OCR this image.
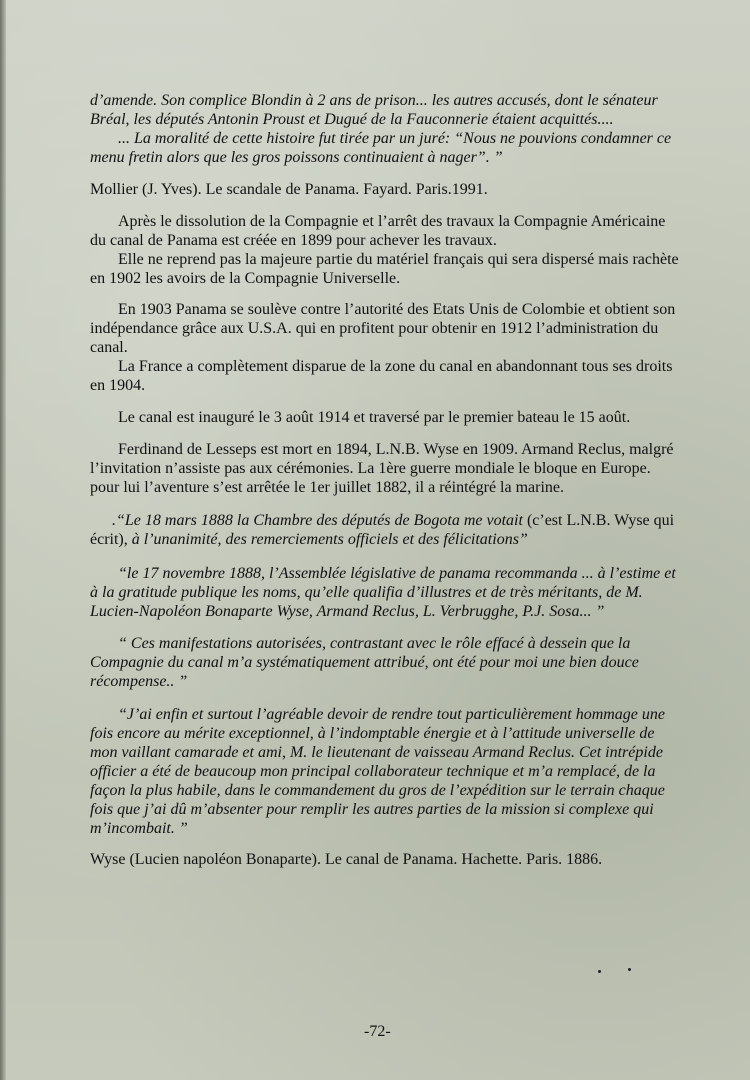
d’amende. Son complice Blondin à 2 ans de prison... les autres accusés, dont le sénateur
Bréal, les députés Antonin Proust et Dugué de la Fauconnerie étaient acquittés....
... La moralité de cette histoire fut tirée par un juré: “Nous ne pouvions condamner ce
menu fretin alors que les gros poissons continuaient à nager”. ”
Mollier (J. Yves). Le scandale de Panama. Fayard. Paris.1991.
Après le dissolution de la Compagnie et l’arrêt des travaux la Compagnie Américaine
du canal de Panama est créée en 1899 pour achever les travaux.
Elle ne reprend pas la majeure partie du matériel français qui sera dispersé mais rachète
en 1902 les avoirs de la Compagnie Universelle.
En 1903 Panama se soulève contre l’autorité des Etats Unis de Colombie et obtient son
indépendance grâce aux U.S.A. qui en profitent pour obtenir en 1912 l’administration du
canal.
La France a complètement disparue de la zone du canal en abandonnant tous ses droits
en 1904.
Le canal est inauguré le 3 août 1914 et traversé par le premier bateau le 15 août.
Ferdinand de Lesseps est mort en 1894, L.N.B. Wyse en 1909. Armand Reclus, malgré
l’invitation n’assiste pas aux cérémonies. La 1ère guerre mondiale le bloque en Europe.
pour lui l’aventure s’est arrêtée le 1er juillet 1882, il a réintégré la marine.
.“Le 18 mars 1888 la Chambre des députés de Bogota me votait (c’est L.N.B. Wyse qui
écrit), à l’unanimité, des remerciements officiels et des félicitations”
“le 17 novembre 1888, l’Assemblée législative de panama recommanda ... à l’estime et
à la gratitude publique les noms, qu’elle qualifia d’illustres et de très méritants, de M.
Lucien-Napoléon Bonaparte Wyse, Armand Reclus, L. Verbrugghe, P.J. Sosa... ”
“ Ces manifestations autorisées, contrastant avec le rôle effacé à dessein que la
Compagnie du canal m’a systématiquement attribué, ont été pour moi une bien douce
récompense.. ”
“J’ai enfin et surtout l’agréable devoir de rendre tout particulièrement hommage une
fois encore au mérite exceptionnel, à l’indomptable énergie et à l’attitude universelle de
mon vaillant camarade et ami, M. le lieutenant de vaisseau Armand Reclus. Cet intrépide
officier a été de beaucoup mon principal collaborateur technique et m’a remplacé, de la
façon la plus habile, dans le commandement du gros de l’expédition sur le terrain chaque
fois que j’ai dû m’absenter pour remplir les autres parties de la mission si complexe qui
m’incombait. ”
Wyse (Lucien napoléon Bonaparte). Le canal de Panama. Hachette. Paris. 1886.
-72-
